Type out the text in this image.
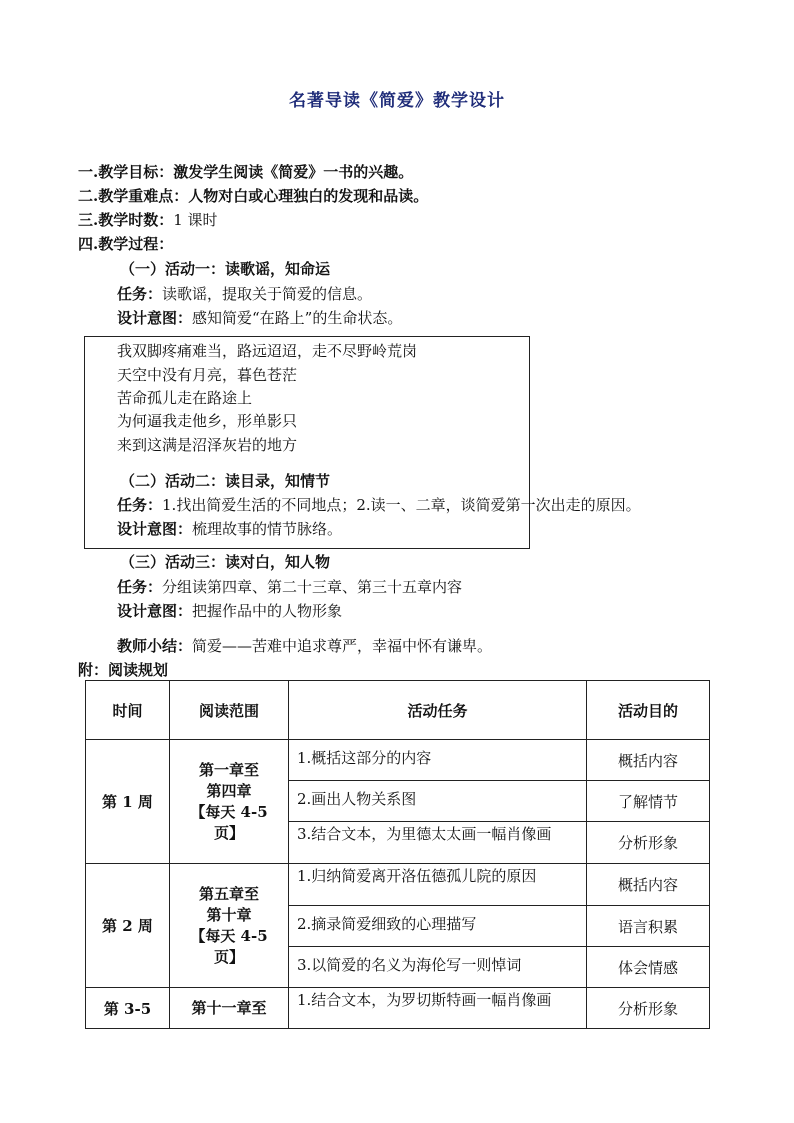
名著导读《简爱》教学设计
一.教学目标：激发学生阅读《简爱》一书的兴趣。
二.教学重难点：人物对白或心理独白的发现和品读。
三.教学时数：1 课时
四.教学过程：
（一）活动一：读歌谣，知命运
任务：读歌谣，提取关于简爱的信息。
设计意图：感知简爱“在路上”的生命状态。
我双脚疼痛难当，路远迢迢，走不尽野岭荒岗
天空中没有月亮，暮色苍茫
苦命孤儿走在路途上
为何逼我走他乡，形单影只
来到这满是沼泽灰岩的地方
（二）活动二：读目录，知情节
任务：1.找出简爱生活的不同地点；2.读一、二章，谈简爱第一次出走的原因。
设计意图：梳理故事的情节脉络。
（三）活动三：读对白，知人物
任务：分组读第四章、第二十三章、第三十五章内容
设计意图：把握作品中的人物形象
教师小结：简爱——苦难中追求尊严，幸福中怀有谦卑。
附：阅读规划
时间	阅读范围	活动任务	活动目的
第 1 周	第一章至
第四章
【每天 4-5
页】	1.概括这部分的内容	概括内容

		2.画出人物关系图	了解情节

		3.结合文本，为里德太太画一幅肖像画	分析形象
第 2 周	第五章至
第十章
【每天 4-5
页】	1.归纳简爱离开洛伍德孤儿院的原因	概括内容

		2.摘录简爱细致的心理描写	语言积累

		3.以简爱的名义为海伦写一则悼词	体会情感
第 3-5	第十一章至	1.结合文本，为罗切斯特画一幅肖像画	分析形象
